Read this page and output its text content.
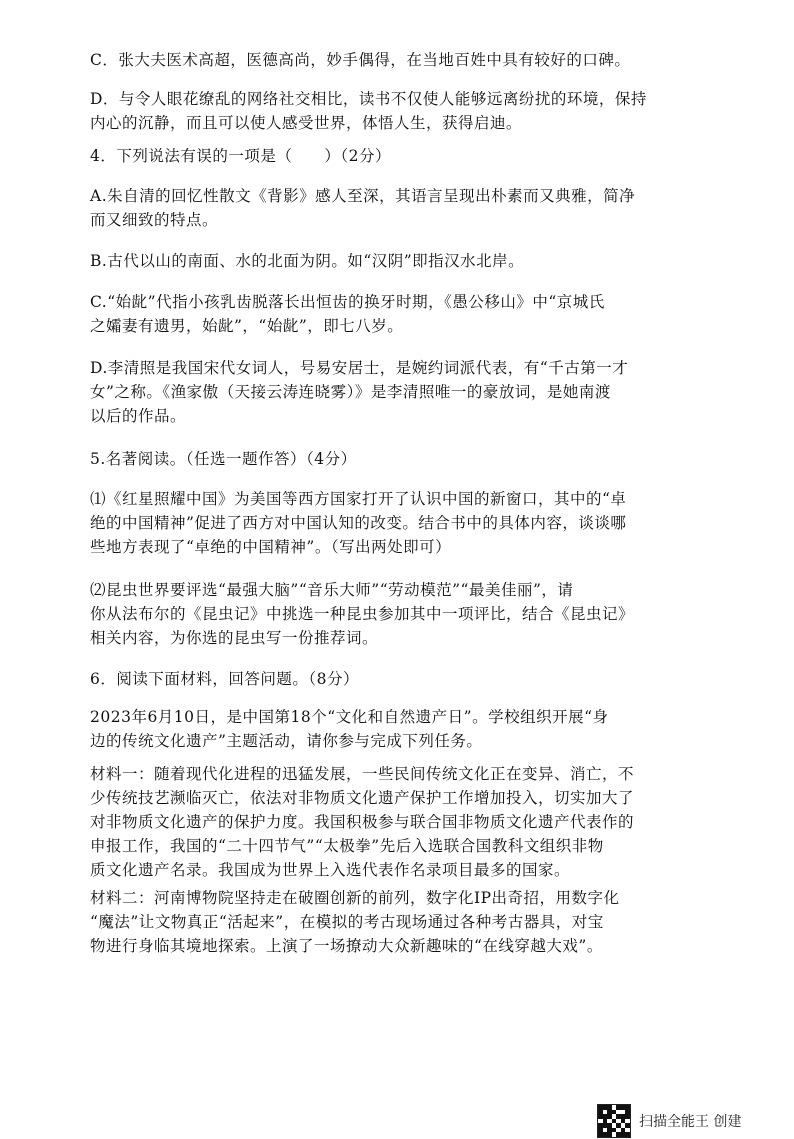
C．张大夫医术高超，医德高尚，妙手偶得，在当地百姓中具有较好的口碑。

D．与令人眼花缭乱的网络社交相比，读书不仅使人能够远离纷扰的环境，保持
内心的沉静，而且可以使人感受世界，体悟人生，获得启迪。

4．下列说法有误的一项是（　　）（2分）

A.朱自清的回忆性散文《背影》感人至深，其语言呈现出朴素而又典雅，简净
而又细致的特点。

B.古代以山的南面、水的北面为阴。如“汉阴”即指汉水北岸。

C.“始龀”代指小孩乳齿脱落长出恒齿的换牙时期，《愚公移山》中“京城氏
之孀妻有遗男，始龀”，“始龀”，即七八岁。

D.李清照是我国宋代女词人，号易安居士，是婉约词派代表，有“千古第一才
女”之称。《渔家傲（天接云涛连晓雾）》是李清照唯一的豪放词，是她南渡
以后的作品。

5.名著阅读。（任选一题作答）（4分）

⑴《红星照耀中国》为美国等西方国家打开了认识中国的新窗口，其中的“卓
绝的中国精神”促进了西方对中国认知的改变。结合书中的具体内容，谈谈哪
些地方表现了“卓绝的中国精神”。（写出两处即可）

⑵昆虫世界要评选“最强大脑”“音乐大师”“劳动模范”“最美佳丽”，请
你从法布尔的《昆虫记》中挑选一种昆虫参加其中一项评比，结合《昆虫记》
相关内容，为你选的昆虫写一份推荐词。

6．阅读下面材料，回答问题。（8分）

2023年6月10日，是中国第18个“文化和自然遗产日”。学校组织开展“身
边的传统文化遗产”主题活动，请你参与完成下列任务。

材料一：随着现代化进程的迅猛发展，一些民间传统文化正在变异、消亡，不
少传统技艺濒临灭亡，依法对非物质文化遗产保护工作增加投入，切实加大了
对非物质文化遗产的保护力度。我国积极参与联合国非物质文化遗产代表作的
申报工作，我国的“二十四节气”“太极拳”先后入选联合国教科文组织非物
质文化遗产名录。我国成为世界上入选代表作名录项目最多的国家。

材料二：河南博物院坚持走在破圈创新的前列，数字化IP出奇招，用数字化
“魔法”让文物真正“活起来”，在模拟的考古现场通过各种考古器具，对宝
物进行身临其境地探索。上演了一场撩动大众新趣味的“在线穿越大戏”。

扫描全能王 创建
